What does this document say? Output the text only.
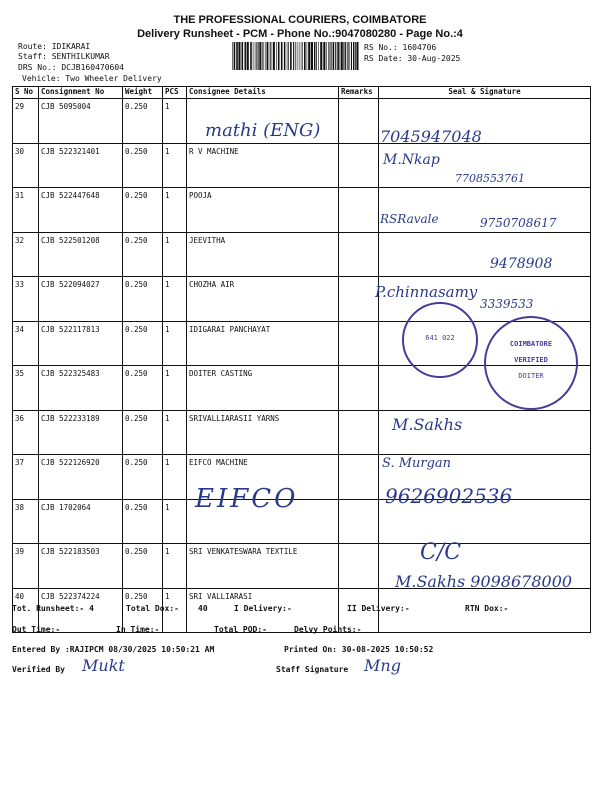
THE PROFESSIONAL COURIERS, COIMBATORE
Delivery Runsheet - PCM - Phone No.:9047080280 - Page No.:4
Route: IDIKARAI
Staff: SENTHILKUMAR
DRS No.: DCJB160470604
Vehicle: Two Wheeler Delivery
RS No.: 1604706
RS Date: 30-Aug-2025
S No	Consignment No	Weight	PCS	Consignee Details	Remarks	Seal & Signature
29	CJB 5095004	0.250	1			
30	CJB 522321401	0.250	1	R V MACHINE		
31	CJB 522447648	0.250	1	POOJA		
32	CJB 522501208	0.250	1	JEEVITHA		
33	CJB 522094027	0.250	1	CHOZHA AIR		
34	CJB 522117813	0.250	1	IDIGARAI PANCHAYAT		
35	CJB 522325483	0.250	1	DOITER CASTING		
36	CJB 522233189	0.250	1	SRIVALLIARASII YARNS		
37	CJB 522126920	0.250	1	EIFCO MACHINE		
38	CJB 1702064	0.250	1			
39	CJB 522183503	0.250	1	SRI VENKATESWARA TEXTILE		
40	CJB 522374224	0.250	1	SRI VALLIARASI		
mathi (ENG)	7045947048
M.Nkap
7708553761
RSRavale	9750708617
9478908
P.chinnasamy
3339533
M.Sakhs
S. Murgan
EIFCO	9626902536
C/C
M.Sakhs 9098678000
641 022
COIMBATORE
VERIFIED
DOITER
Tot. Runsheet:- 4	Total Dox:- 40	I Delivery:-	II Delivery:-	RTN Dox:-
Out Time:-	In Time:-	Total POD:-	Delvy Points:-
Entered By :RAJIPCM 08/30/2025 10:50:21 AM	Printed On: 30-08-2025 10:50:52
Verified By Mukt	Staff Signature Mng
